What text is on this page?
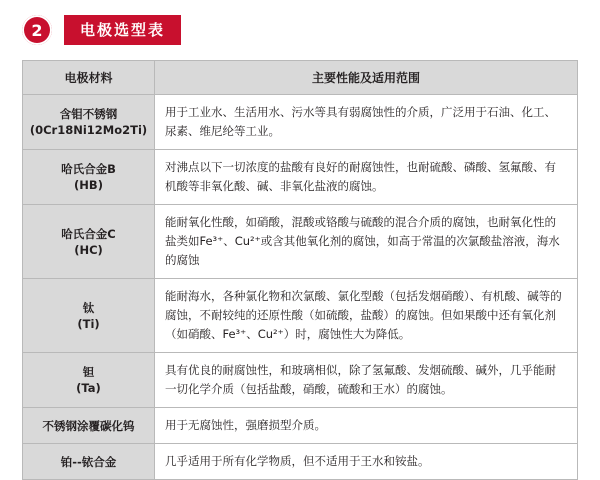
2	电极选型表
电极材料	主要性能及适用范围

含钼不锈钢
(0Cr18Ni12Mo2Ti)	用于工业水、生活用水、污水等具有弱腐蚀性的介质，广泛用于石油、化工、尿素、维尼纶等工业。

哈氏合金B
(HB)	对沸点以下一切浓度的盐酸有良好的耐腐蚀性，也耐硫酸、磷酸、氢氟酸、有机酸等非氧化酸、碱、非氧化盐液的腐蚀。

哈氏合金C
(HC)	能耐氧化性酸，如硝酸，混酸或铬酸与硫酸的混合介质的腐蚀，也耐氧化性的盐类如Fe³⁺、Cu²⁺或含其他氧化剂的腐蚀，如高于常温的次氯酸盐溶液，海水的腐蚀

钛
(Ti)	能耐海水，各种氯化物和次氯酸、氯化型酸（包括发烟硝酸）、有机酸、碱等的腐蚀，不耐较纯的还原性酸（如硫酸，盐酸）的腐蚀。但如果酸中还有氧化剂（如硝酸、Fe³⁺、Cu²⁺）时，腐蚀性大为降低。

钽
(Ta)	具有优良的耐腐蚀性，和玻璃相似，除了氢氟酸、发烟硫酸、碱外，几乎能耐一切化学介质（包括盐酸，硝酸，硫酸和王水）的腐蚀。

不锈钢涂覆碳化钨	用于无腐蚀性，强磨损型介质。

铂--铱合金	几乎适用于所有化学物质，但不适用于王水和铵盐。
